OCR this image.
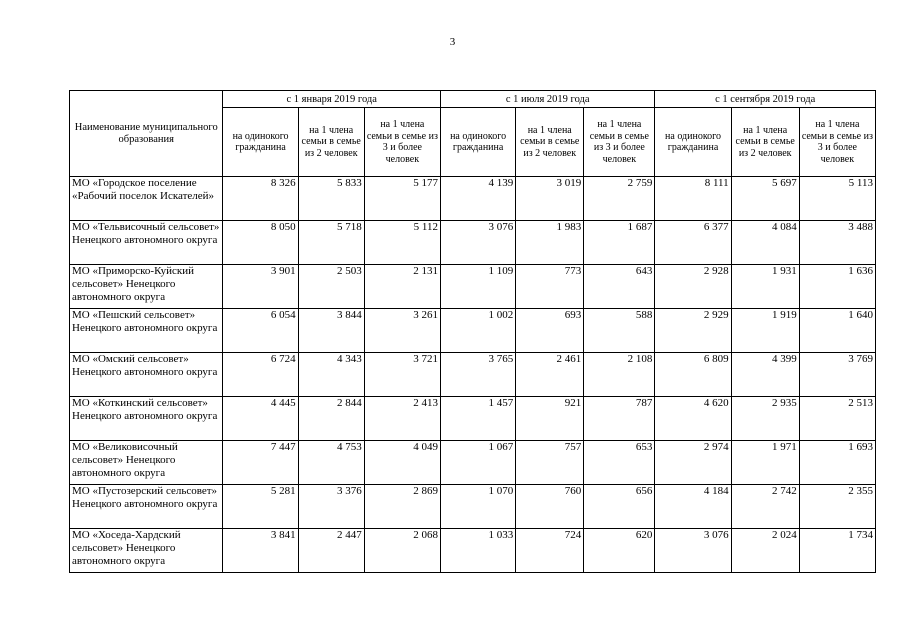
3
Наименование муниципального образования	с 1 января 2019 года			с 1 июля 2019 года			с 1 сентября 2019 года		
	на одинокого гражданина	на 1 члена семьи в семье из 2 человек	на 1 члена семьи в семье из 3 и более человек	на одинокого гражданина	на 1 члена семьи в семье из 2 человек	на 1 члена семьи в семье из 3 и более человек	на одинокого гражданина	на 1 члена семьи в семье из 2 человек	на 1 члена семьи в семье из 3 и более человек
МО «Городское поселение «Рабочий поселок Искателей»	8 326	5 833	5 177	4 139	3 019	2 759	8 111	5 697	5 113
МО «Тельвисочный сельсовет» Ненецкого автономного округа	8 050	5 718	5 112	3 076	1 983	1 687	6 377	4 084	3 488
МО «Приморско-Куйский сельсовет» Ненецкого автономного округа	3 901	2 503	2 131	1 109	773	643	2 928	1 931	1 636
МО «Пешский сельсовет» Ненецкого автономного округа	6 054	3 844	3 261	1 002	693	588	2 929	1 919	1 640
МО «Омский сельсовет» Ненецкого автономного округа	6 724	4 343	3 721	3 765	2 461	2 108	6 809	4 399	3 769
МО «Коткинский сельсовет» Ненецкого автономного округа	4 445	2 844	2 413	1 457	921	787	4 620	2 935	2 513
МО «Великовисочный сельсовет» Ненецкого автономного округа	7 447	4 753	4 049	1 067	757	653	2 974	1 971	1 693
МО «Пустозерский сельсовет» Ненецкого автономного округа	5 281	3 376	2 869	1 070	760	656	4 184	2 742	2 355
МО «Хоседа-Хардский сельсовет» Ненецкого автономного округа	3 841	2 447	2 068	1 033	724	620	3 076	2 024	1 734
